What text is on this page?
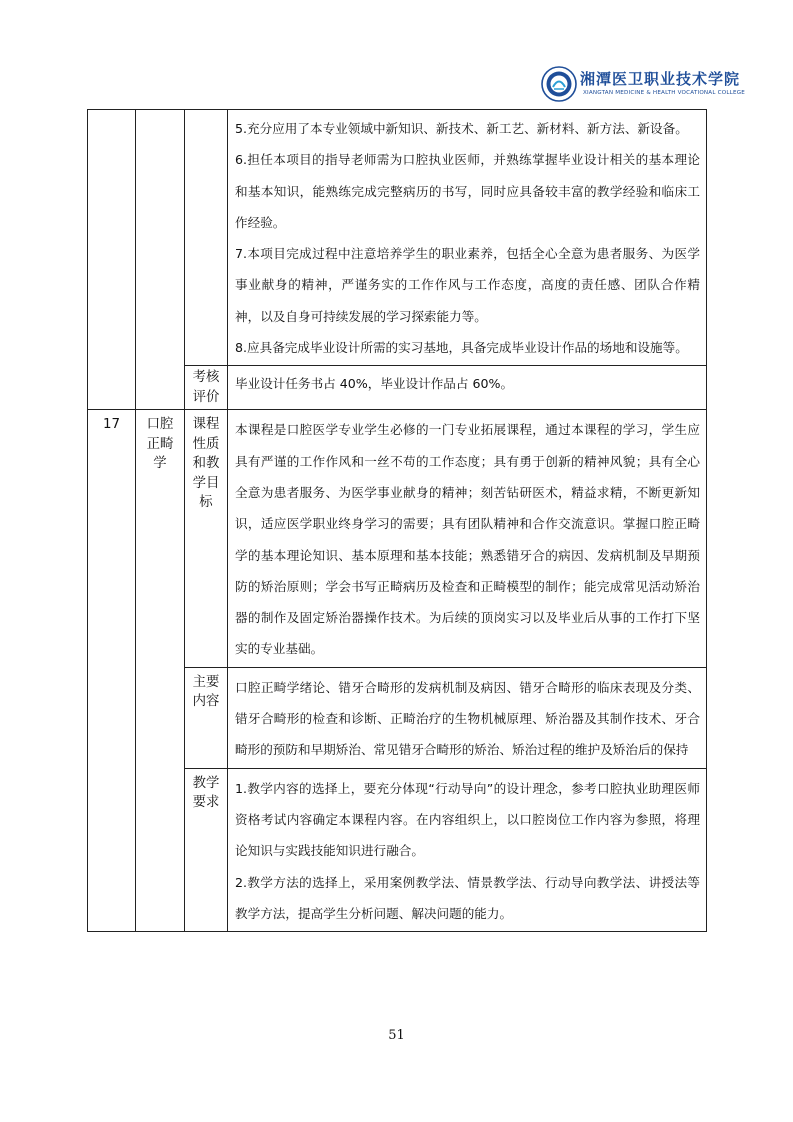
湘潭医卫职业技术学院
XIANGTAN MEDICINE & HEALTH VOCATIONAL COLLEGE

			5.充分应用了本专业领域中新知识、新技术、新工艺、新材料、新方法、新设备。

6.担任本项目的指导老师需为口腔执业医师，并熟练掌握毕业设计相关的基本理论和基本知识，能熟练完成完整病历的书写，同时应具备较丰富的教学经验和临床工作经验。

7.本项目完成过程中注意培养学生的职业素养，包括全心全意为患者服务、为医学事业献身的精神，严谨务实的工作作风与工作态度，高度的责任感、团队合作精神，以及自身可持续发展的学习探索能力等。

8.应具备完成毕业设计所需的实习基地，具备完成毕业设计作品的场地和设施等。

		考核评价	毕业设计任务书占 40%，毕业设计作品占 60%。

17	口腔正畸学	课程性质和教学目标	本课程是口腔医学专业学生必修的一门专业拓展课程，通过本课程的学习，学生应具有严谨的工作作风和一丝不苟的工作态度；具有勇于创新的精神风貌；具有全心全意为患者服务、为医学事业献身的精神；刻苦钻研医术，精益求精，不断更新知识，适应医学职业终身学习的需要；具有团队精神和合作交流意识。掌握口腔正畸学的基本理论知识、基本原理和基本技能；熟悉错牙合的病因、发病机制及早期预防的矫治原则；学会书写正畸病历及检查和正畸模型的制作；能完成常见活动矫治器的制作及固定矫治器操作技术。为后续的顶岗实习以及毕业后从事的工作打下坚实的专业基础。

		主要内容	口腔正畸学绪论、错牙合畸形的发病机制及病因、错牙合畸形的临床表现及分类、错牙合畸形的检查和诊断、正畸治疗的生物机械原理、矫治器及其制作技术、牙合畸形的预防和早期矫治、常见错牙合畸形的矫治、矫治过程的维护及矫治后的保持

		教学要求	1.教学内容的选择上，要充分体现“行动导向”的设计理念，参考口腔执业助理医师资格考试内容确定本课程内容。在内容组织上，以口腔岗位工作内容为参照，将理论知识与实践技能知识进行融合。

2.教学方法的选择上，采用案例教学法、情景教学法、行动导向教学法、讲授法等教学方法，提高学生分析问题、解决问题的能力。

51
